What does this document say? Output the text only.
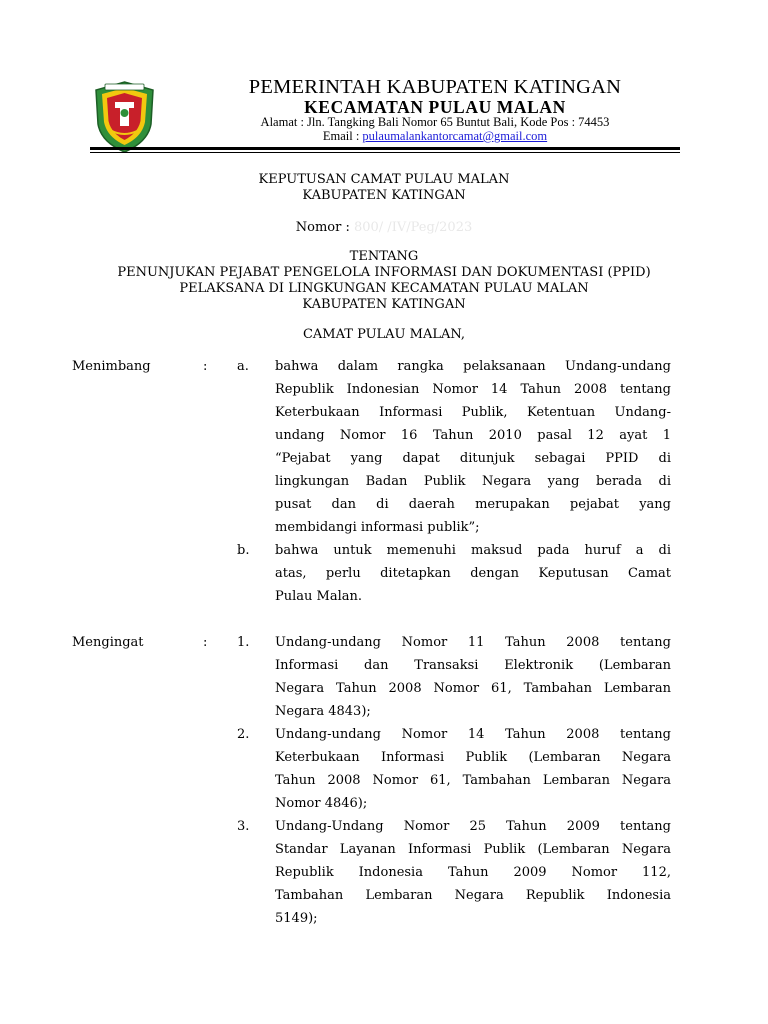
PEMERINTAH KABUPATEN KATINGAN
KECAMATAN PULAU MALAN
Alamat : Jln. Tangking Bali Nomor 65 Buntut Bali, Kode Pos : 74453
Email : pulaumalankantorcamat@gmail.com
KEPUTUSAN CAMAT PULAU MALAN
KABUPATEN KATINGAN
Nomor : 800/ /IV/Peg/2023
TENTANG
PENUNJUKAN PEJABAT PENGELOLA INFORMASI DAN DOKUMENTASI (PPID)
PELAKSANA DI LINGKUNGAN KECAMATAN PULAU MALAN
KABUPATEN KATINGAN
CAMAT PULAU MALAN,
Menimbang	: a. bahwa dalam rangka pelaksanaan Undang-undang
Republik Indonesian Nomor 14 Tahun 2008 tentang
Keterbukaan Informasi Publik, Ketentuan Undang-
undang Nomor 16 Tahun 2010 pasal 12 ayat 1
“Pejabat yang dapat ditunjuk sebagai PPID di
lingkungan Badan Publik Negara yang berada di
pusat dan di daerah merupakan pejabat yang
membidangi informasi publik”;
b. bahwa untuk memenuhi maksud pada huruf a di
atas, perlu ditetapkan dengan Keputusan Camat
Pulau Malan.
Mengingat	: 1. Undang-undang Nomor 11 Tahun 2008 tentang
Informasi dan Transaksi Elektronik (Lembaran
Negara Tahun 2008 Nomor 61, Tambahan Lembaran
Negara 4843);
2. Undang-undang Nomor 14 Tahun 2008 tentang
Keterbukaan Informasi Publik (Lembaran Negara
Tahun 2008 Nomor 61, Tambahan Lembaran Negara
Nomor 4846);
3. Undang-Undang Nomor 25 Tahun 2009 tentang
Standar Layanan Informasi Publik (Lembaran Negara
Republik Indonesia Tahun 2009 Nomor 112,
Tambahan Lembaran Negara Republik Indonesia
5149);
